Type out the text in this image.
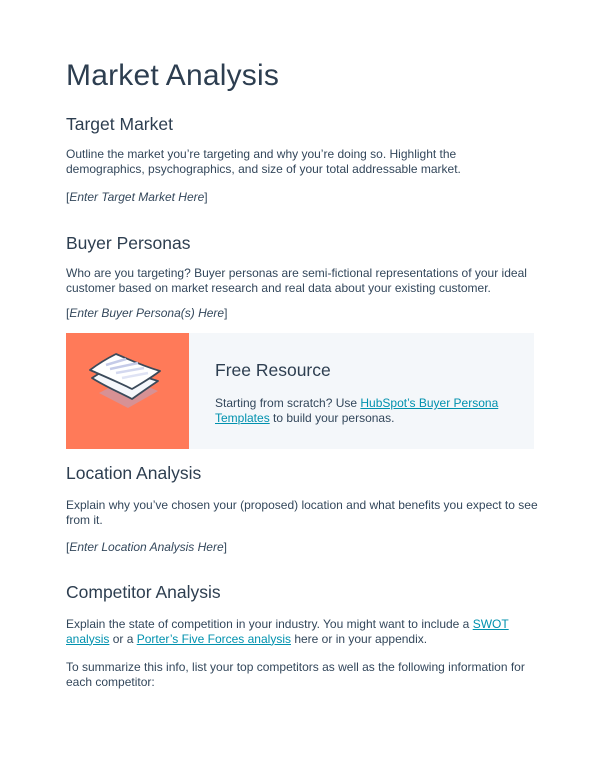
Market Analysis
Target Market

Outline the market you’re targeting and why you’re doing so. Highlight the demographics, psychographics, and size of your total addressable market.

[Enter Target Market Here]

Buyer Personas

Who are you targeting? Buyer personas are semi-fictional representations of your ideal customer based on market research and real data about your existing customer.

[Enter Buyer Persona(s) Here]

Free Resource

Starting from scratch? Use HubSpot’s Buyer Persona Templates to build your personas.

Location Analysis

Explain why you’ve chosen your (proposed) location and what benefits you expect to see from it.

[Enter Location Analysis Here]

Competitor Analysis

Explain the state of competition in your industry. You might want to include a SWOT analysis or a Porter’s Five Forces analysis here or in your appendix.

To summarize this info, list your top competitors as well as the following information for each competitor:
